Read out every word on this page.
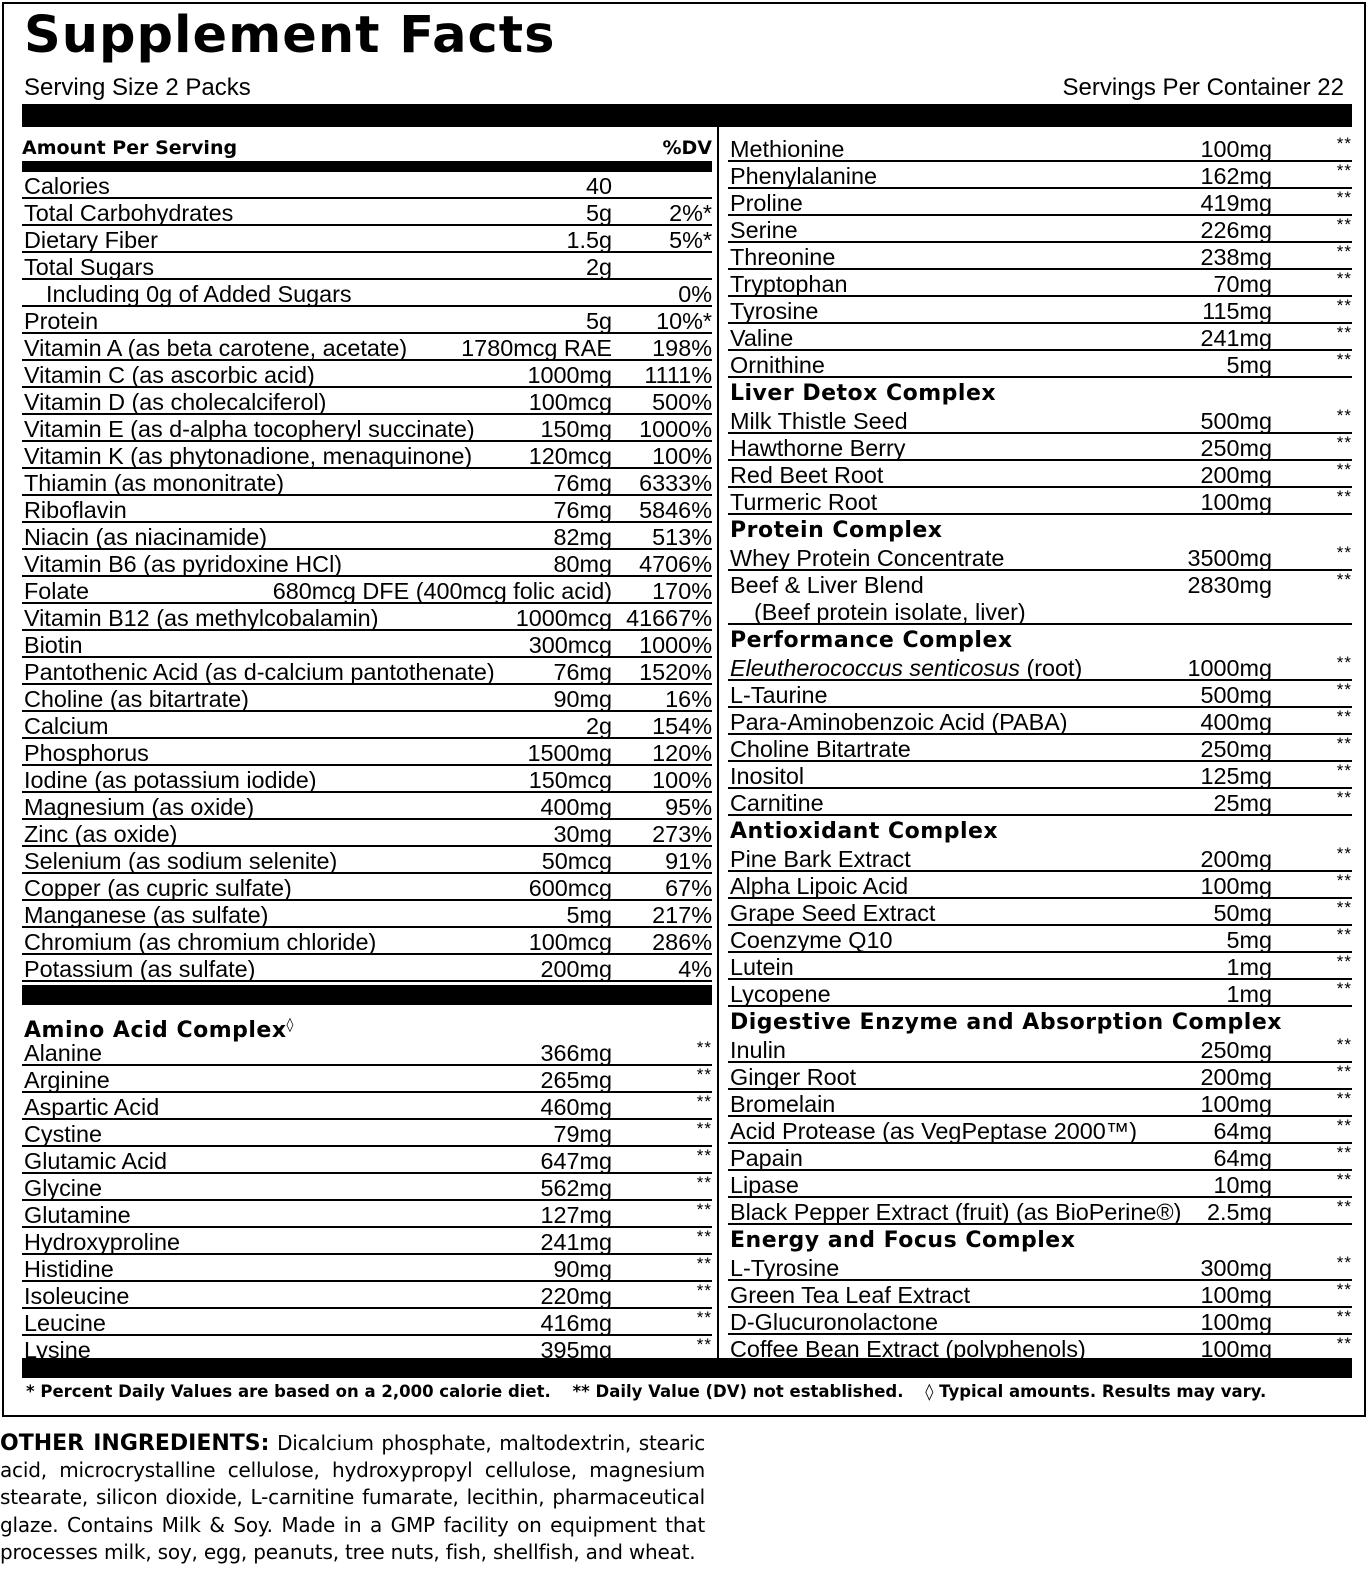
Supplement Facts
Serving Size 2 Packs	Servings Per Container 22
Amount Per Serving	%DV
Calories	40
Total Carbohydrates	5g 2%*
Dietary Fiber	1.5g 5%*
Total Sugars	2g
Including 0g of Added Sugars	0%
Protein	5g 10%*
Vitamin A (as beta carotene, acetate) 1780mcg RAE 198%
Vitamin C (as ascorbic acid)	1000mg 1111%
Vitamin D (as cholecalciferol)	100mcg 500%
Vitamin E (as d-alpha tocopheryl succinate)	150mg 1000%
Vitamin K (as phytonadione, menaquinone) 120mcg 100%
Thiamin (as mononitrate)	76mg 6333%
Riboflavin	76mg 5846%
Niacin (as niacinamide)	82mg 513%
Vitamin B6 (as pyridoxine HCl)	80mg 4706%
Folate	680mcg DFE (400mcg folic acid) 170%
Vitamin B12 (as methylcobalamin)	1000mcg 41667%
Biotin	300mcg 1000%
Pantothenic Acid (as d-calcium pantothenate)	76mg 1520%
Choline (as bitartrate)	90mg 16%
Calcium	2g 154%
Phosphorus	1500mg 120%
Iodine (as potassium iodide)	150mcg 100%
Magnesium (as oxide)	400mg 95%
Zinc (as oxide)	30mg 273%
Selenium (as sodium selenite)	50mcg 91%
Copper (as cupric sulfate)	600mcg 67%
Manganese (as sulfate)	5mg 217%
Chromium (as chromium chloride)	100mcg 286%
Potassium (as sulfate)	200mg	4%
Amino Acid Complex◊
Alanine	366mg	**
Arginine	265mg	**
Aspartic Acid	460mg	**
Cystine	79mg	**
Glutamic Acid	647mg	**
Glycine	562mg	**
Glutamine	127mg	**
Hydroxyproline	241mg	**
Histidine	90mg	**
Isoleucine	220mg	**
Leucine	416mg	**
Lysine	395mg	**
Methionine	100mg	**
Phenylalanine	162mg	**
Proline	419mg	**
Serine	226mg	**
Threonine	238mg	**
Tryptophan	70mg	**
Tyrosine	115mg	**
Valine	241mg	**
Ornithine	5mg	**
Liver Detox Complex
Milk Thistle Seed	500mg	**
Hawthorne Berry	250mg	**
Red Beet Root	200mg	**
Turmeric Root	100mg	**
Protein Complex
Whey Protein Concentrate	3500mg	**
Beef & Liver Blend	2830mg	**
(Beef protein isolate, liver)
Performance Complex
Eleutherococcus senticosus (root)	1000mg	**
L-Taurine	500mg	**
Para-Aminobenzoic Acid (PABA)	400mg	**
Choline Bitartrate	250mg	**
Inositol	125mg	**
Carnitine	25mg	**
Antioxidant Complex
Pine Bark Extract	200mg	**
Alpha Lipoic Acid	100mg	**
Grape Seed Extract	50mg	**
Coenzyme Q10	5mg	**
Lutein	1mg	**
Lycopene	1mg	**
Digestive Enzyme and Absorption Complex
Inulin	250mg	**
Ginger Root	200mg	**
Bromelain	100mg	**
Acid Protease (as VegPeptase 2000™)	64mg	**
Papain	64mg	**
Lipase	10mg	**
Black Pepper Extract (fruit) (as BioPerine®) 2.5mg	**
Energy and Focus Complex
L-Tyrosine	300mg	**
Green Tea Leaf Extract	100mg	**
D-Glucuronolactone	100mg	**
Coffee Bean Extract (polyphenols)	100mg	**
* Percent Daily Values are based on a 2,000 calorie diet. ** Daily Value (DV) not established. ◊ Typical amounts. Results may vary.
OTHER INGREDIENTS: Dicalcium phosphate, maltodextrin, stearic acid, microcrystalline cellulose, hydroxypropyl cellulose, magnesium stearate, silicon dioxide, L-carnitine fumarate, lecithin, pharmaceutical glaze. Contains Milk & Soy. Made in a GMP facility on equipment that processes milk, soy, egg, peanuts, tree nuts, fish, shellfish, and wheat.
